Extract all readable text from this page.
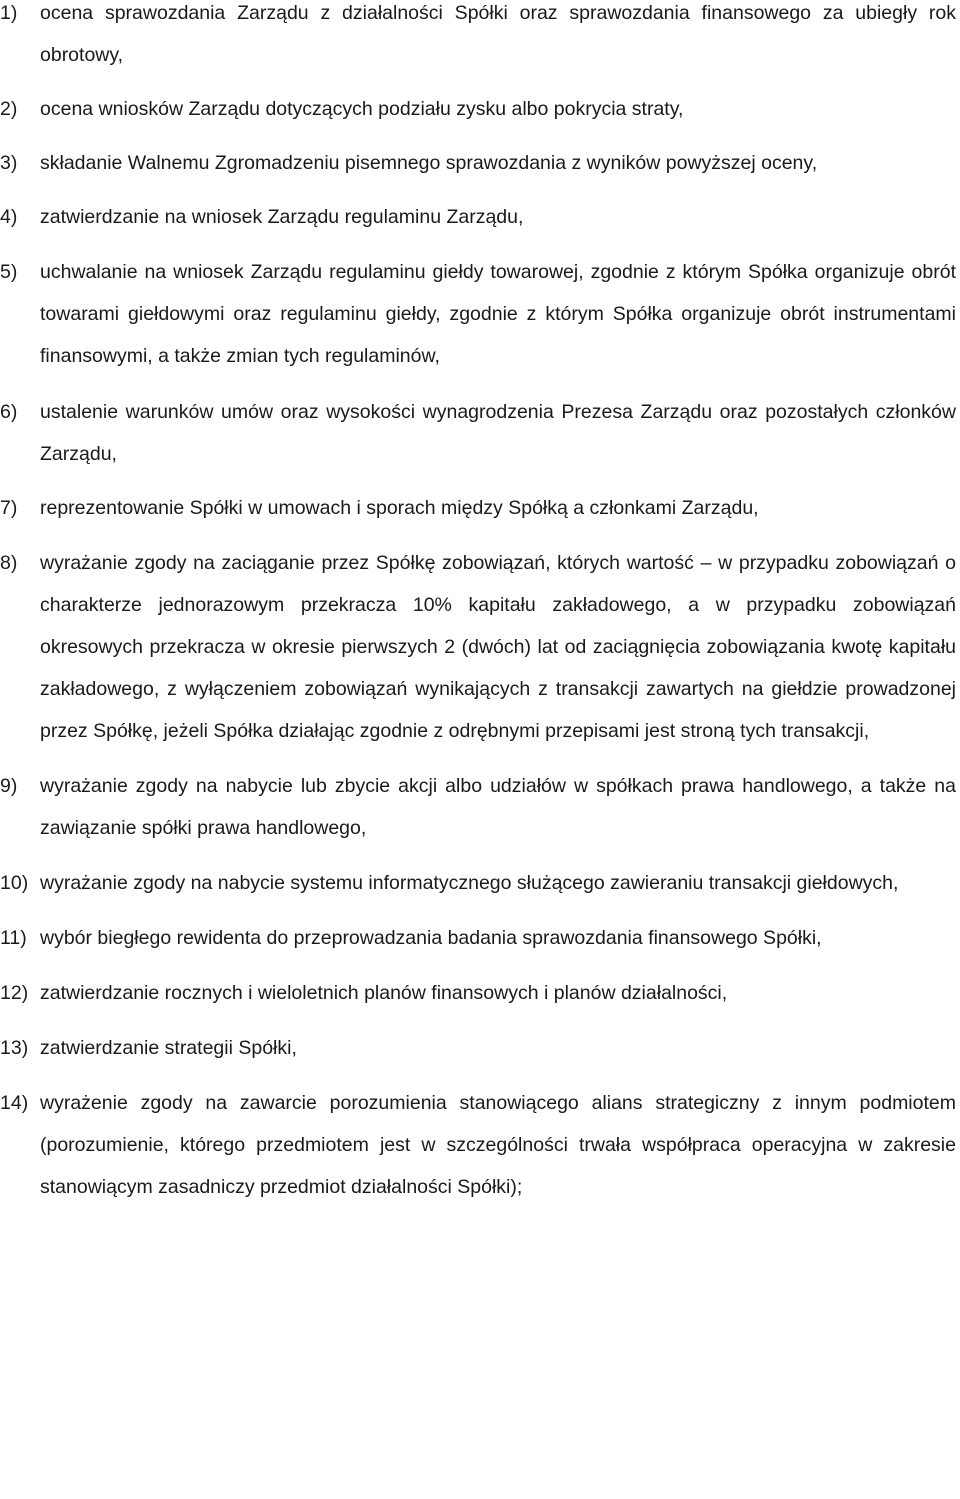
1) ocena sprawozdania Zarządu z działalności Spółki oraz sprawozdania finansowego za ubiegły rok obrotowy,
2) ocena wniosków Zarządu dotyczących podziału zysku albo pokrycia straty,
3) składanie Walnemu Zgromadzeniu pisemnego sprawozdania z wyników powyższej oceny,
4) zatwierdzanie na wniosek Zarządu regulaminu Zarządu,
5) uchwalanie na wniosek Zarządu regulaminu giełdy towarowej, zgodnie z którym Spółka organizuje obrót towarami giełdowymi oraz regulaminu giełdy, zgodnie z którym Spółka organizuje obrót instrumentami finansowymi, a także zmian tych regulaminów,
6) ustalenie warunków umów oraz wysokości wynagrodzenia Prezesa Zarządu oraz pozostałych członków Zarządu,
7) reprezentowanie Spółki w umowach i sporach między Spółką a członkami Zarządu,
8) wyrażanie zgody na zaciąganie przez Spółkę zobowiązań, których wartość – w przypadku zobowiązań o charakterze jednorazowym przekracza 10% kapitału zakładowego, a w przypadku zobowiązań okresowych przekracza w okresie pierwszych 2 (dwóch) lat od zaciągnięcia zobowiązania kwotę kapitału zakładowego, z wyłączeniem zobowiązań wynikających z transakcji zawartych na giełdzie prowadzonej przez Spółkę, jeżeli Spółka działając zgodnie z odrębnymi przepisami jest stroną tych transakcji,
9) wyrażanie zgody na nabycie lub zbycie akcji albo udziałów w spółkach prawa handlowego, a także na zawiązanie spółki prawa handlowego,
10) wyrażanie zgody na nabycie systemu informatycznego służącego zawieraniu transakcji giełdowych,
11) wybór biegłego rewidenta do przeprowadzania badania sprawozdania finansowego Spółki,
12) zatwierdzanie rocznych i wieloletnich planów finansowych i planów działalności,
13) zatwierdzanie strategii Spółki,
14) wyrażenie zgody na zawarcie porozumienia stanowiącego alians strategiczny z innym podmiotem (porozumienie, którego przedmiotem jest w szczególności trwała współpraca operacyjna w zakresie stanowiącym zasadniczy przedmiot działalności Spółki);
